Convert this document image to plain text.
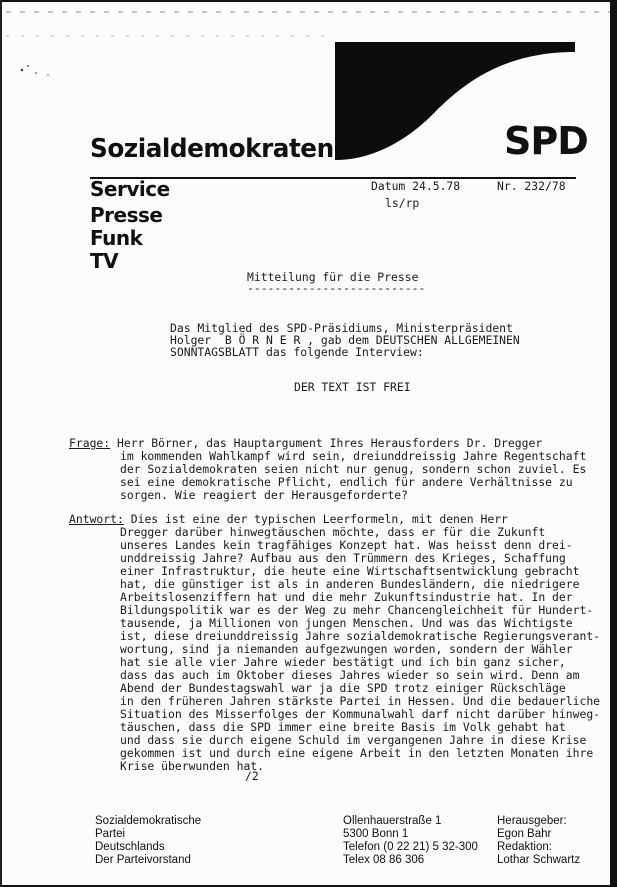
SPD
Sozialdemokraten
Service
Presse
Funk
TV
Datum 24.5.78	Nr. 232/78
ls/rp
Mitteilung für die Presse
--------------------------
Das Mitglied des SPD-Präsidiums, Ministerpräsident
Holger  B Ö R N E R , gab dem DEUTSCHEN ALLGEMEINEN
SONNTAGSBLATT das folgende Interview:
DER TEXT IST FREI
Frage: Herr Börner, das Hauptargument Ihres Herausforders Dr. Dregger
im kommenden Wahlkampf wird sein, dreiunddreissig Jahre Regentschaft
der Sozialdemokraten seien nicht nur genug, sondern schon zuviel. Es
sei eine demokratische Pflicht, endlich für andere Verhältnisse zu
sorgen. Wie reagiert der Herausgeforderte?
Antwort: Dies ist eine der typischen Leerformeln, mit denen Herr
Dregger darüber hinwegtäuschen möchte, dass er für die Zukunft
unseres Landes kein tragfähiges Konzept hat. Was heisst denn drei-
unddreissig Jahre? Aufbau aus den Trümmern des Krieges, Schaffung
einer Infrastruktur, die heute eine Wirtschaftsentwicklung gebracht
hat, die günstiger ist als in anderen Bundesländern, die niedrigere
Arbeitslosenziffern hat und die mehr Zukunftsindustrie hat. In der
Bildungspolitik war es der Weg zu mehr Chancengleichheit für Hundert-
tausende, ja Millionen von jungen Menschen. Und was das Wichtigste
ist, diese dreiunddreissig Jahre sozialdemokratische Regierungsverant-
wortung, sind ja niemanden aufgezwungen worden, sondern der Wähler
hat sie alle vier Jahre wieder bestätigt und ich bin ganz sicher,
dass das auch im Oktober dieses Jahres wieder so sein wird. Denn am
Abend der Bundestagswahl war ja die SPD trotz einiger Rückschläge
in den früheren Jahren stärkste Partei in Hessen. Und die bedauerliche
Situation des Misserfolges der Kommunalwahl darf nicht darüber hinweg-
täuschen, dass die SPD immer eine breite Basis im Volk gehabt hat
und dass sie durch eigene Schuld im vergangenen Jahre in diese Krise
gekommen ist und durch eine eigene Arbeit in den letzten Monaten ihre
Krise überwunden hat.
/2
Sozialdemokratische
Partei
Deutschlands
Der Parteivorstand
Ollenhauerstraße 1
5300 Bonn 1
Telefon (0 22 21) 5 32-300
Telex 08 86 306
Herausgeber:
Egon Bahr
Redaktion:
Lothar Schwartz
